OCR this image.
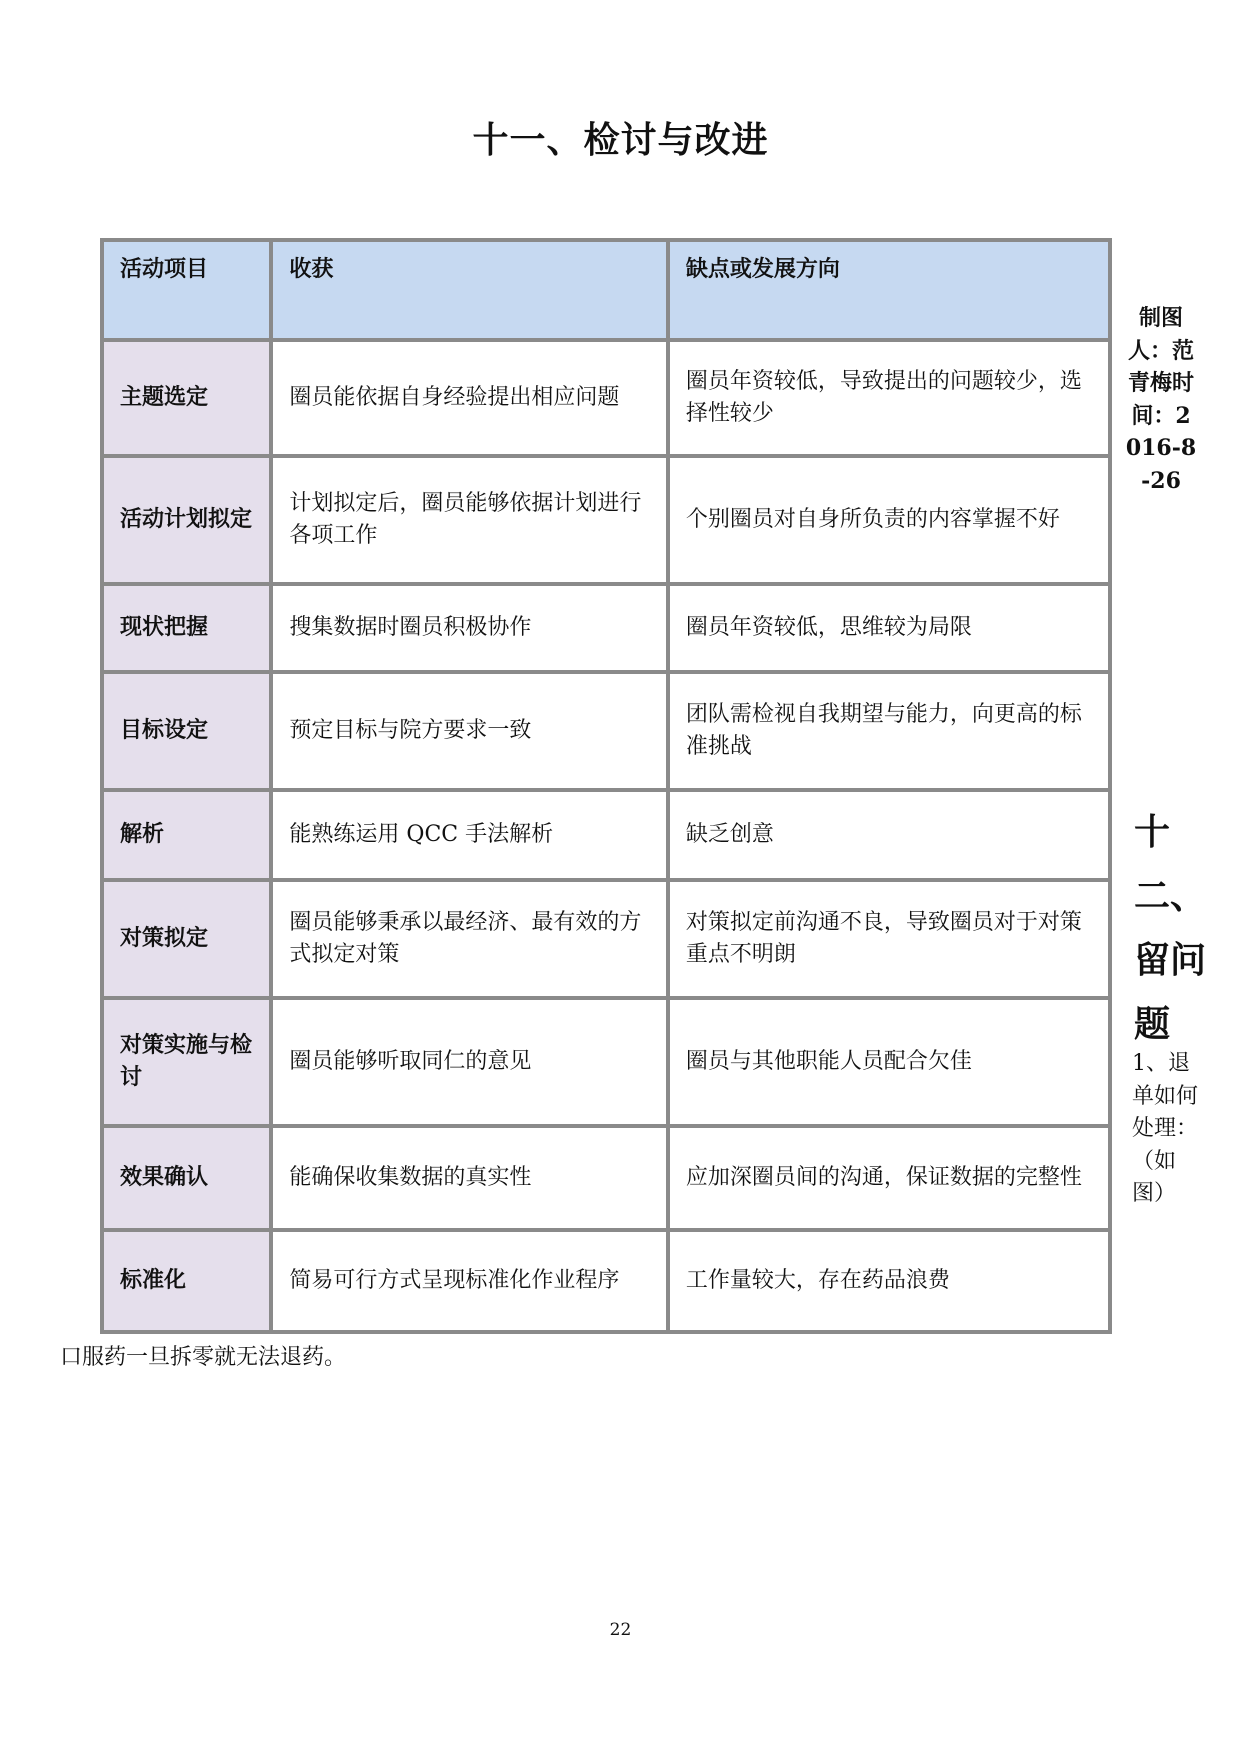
十一、检讨与改进
活动项目	收获	缺点或发展方向
主题选定	圈员能依据自身经验提出相应问题	圈员年资较低，导致提出的问题较少，选择性较少
活动计划拟定	计划拟定后，圈员能够依据计划进行各项工作	个别圈员对自身所负责的内容掌握不好
现状把握	搜集数据时圈员积极协作	圈员年资较低，思维较为局限
目标设定	预定目标与院方要求一致	团队需检视自我期望与能力，向更高的标准挑战
解析	能熟练运用 QCC 手法解析	缺乏创意
对策拟定	圈员能够秉承以最经济、最有效的方式拟定对策	对策拟定前沟通不良，导致圈员对于对策重点不明朗
对策实施与检讨	圈员能够听取同仁的意见	圈员与其他职能人员配合欠佳
效果确认	能确保收集数据的真实性	应加深圈员间的沟通，保证数据的完整性
标准化	简易可行方式呈现标准化作业程序	工作量较大，存在药品浪费
制图人：范青梅时间：2016-8-26
十二、留问题
1、退单如何处理：（如图）
口服药一旦拆零就无法退药。
22
